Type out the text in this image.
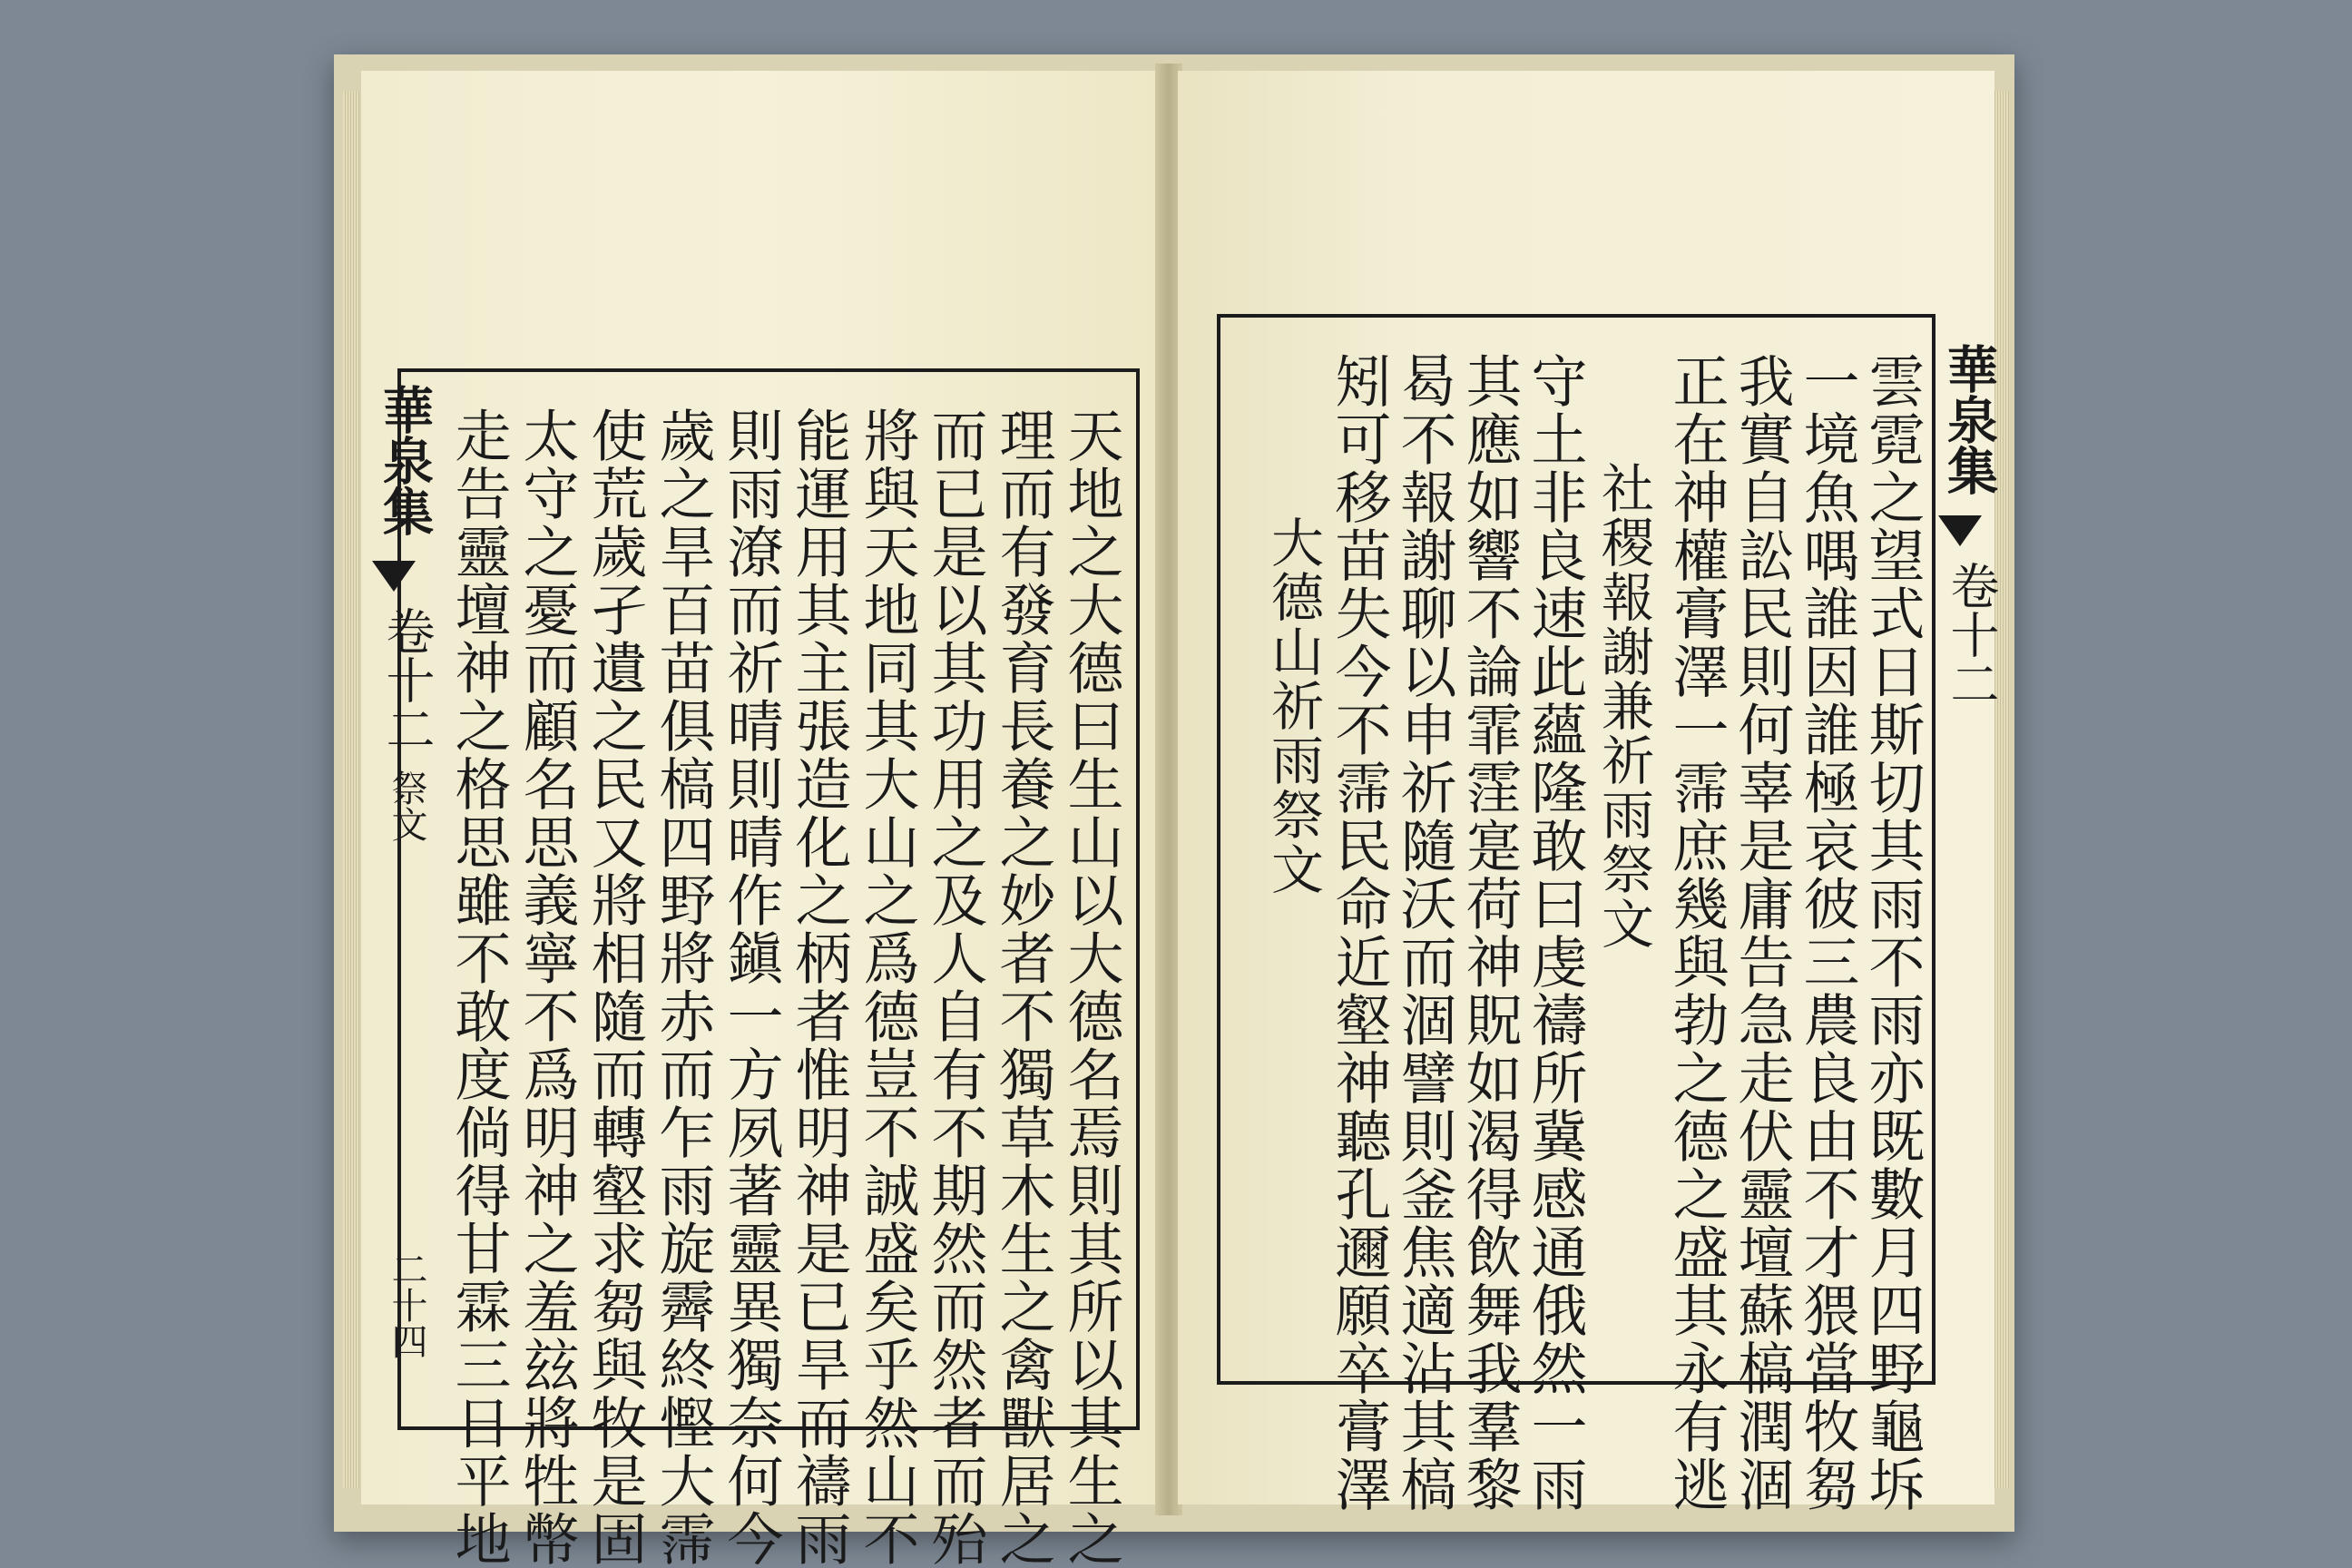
華泉集
卷十二
祭文
二十四 走告靈壇神之格思雖不敢度倘得甘霖三日平地 太守之憂而顧名思義寧不爲明神之羞玆將牲幣 使荒歲孑遺之民又將相隨而轉壑求芻與牧是固 歲之旱百苗俱槁四野將赤而乍雨旋霽終慳大霈 則雨潦而祈晴則晴作鎭一方夙著靈異獨奈何今 能運用其主張造化之柄者惟明神是已旱而禱雨 將與天地同其大山之爲德豈不誠盛矣乎然山不 而已是以其功用之及人自有不期然而然者而殆 理而有發育長養之妙者不獨草木生之禽獸居之 天地之大德曰生山以大德名焉則其所以其生之	華泉集
卷十二
大德山祈雨祭文 矧可移苗失今不霈民命近壑神聽孔邇願卒膏澤 曷不報謝聊以申祈隨沃而涸譬則釜焦適沾其槁 其應如響不論霏霔寔荷神貺如渴得飲舞我羣黎 守土非良速此蘊隆敢曰虔禱所冀感通俄然一雨 社稷報謝兼祈雨祭文 正在神權膏澤一霈庶幾與勃之德之盛其永有逃 我實自訟民則何辜是庸告急走伏靈壇蘇槁潤涸 一境魚喁誰因誰極哀彼三農良由不才猥當牧芻 雲霓之望式日斯切其雨不雨亦既數月四野龜坼
